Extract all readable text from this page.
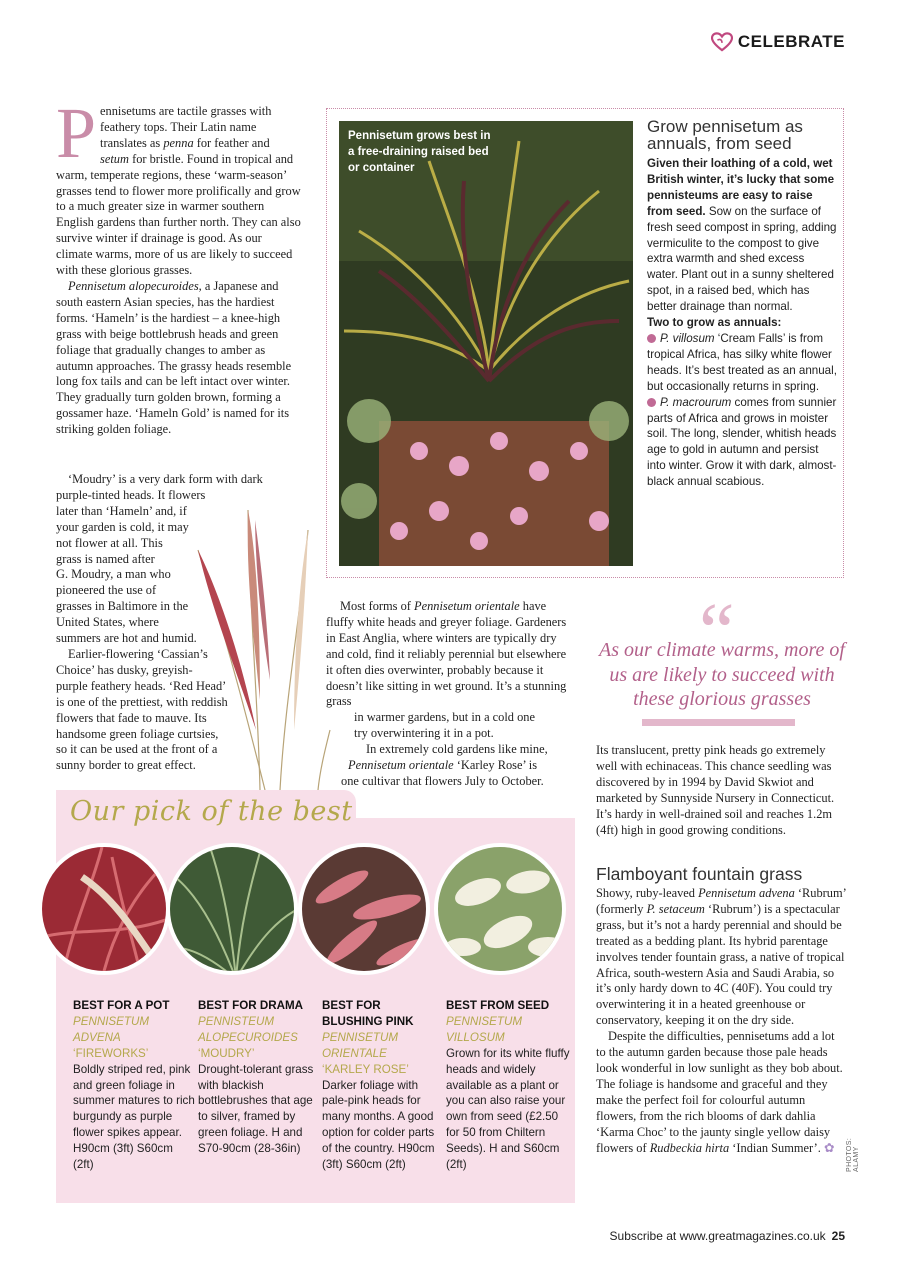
CELEBRATE

Pennisetums are tactile grasses with feathery tops. Their Latin name translates as penna for feather and setum for bristle. Found in tropical and warm, temperate regions, these ‘warm-season’ grasses tend to flower more prolifically and grow to a much greater size in warmer southern English gardens than further north. They can also survive winter if drainage is good. As our climate warms, more of us are likely to succeed with these glorious grasses.

Pennisetum alopecuroides, a Japanese and south eastern Asian species, has the hardiest forms. ‘Hameln’ is the hardiest – a knee-high grass with beige bottlebrush heads and green foliage that gradually changes to amber as autumn approaches. The grassy heads resemble long fox tails and can be left intact over winter. They gradually turn golden brown, forming a gossamer haze. ‘Hameln Gold’ is named for its striking golden foliage.

‘Moudry’ is a very dark form with dark
purple-tinted heads. It flowers
later than ‘Hameln’ and, if
your garden is cold, it may
not flower at all. This
grass is named after
G. Moudry, a man who
pioneered the use of
grasses in Baltimore in the
United States, where
summers are hot and humid.
Earlier-flowering ‘Cassian’s
Choice’ has dusky, greyish-
purple feathery heads. ‘Red Head’
is one of the prettiest, with reddish
flowers that fade to mauve. Its
handsome green foliage curtsies,
so it can be used at the front of a
sunny border to great effect.
Pennisetum grows best in a free-draining raised bed or container
Grow pennisetum as annuals, from seed

Given their loathing of a cold, wet British winter, it’s lucky that some pennisteums are easy to raise from seed. Sow on the surface of fresh seed compost in spring, adding vermiculite to the compost to give extra warmth and shed excess water. Plant out in a sunny sheltered spot, in a raised bed, which has better drainage than normal.

Two to grow as annuals:

P. villosum ‘Cream Falls’ is from tropical Africa, has silky white flower heads. It’s best treated as an annual, but occasionally returns in spring.

P. macrourum comes from sunnier parts of Africa and grows in moister soil. The long, slender, whitish heads age to gold in autumn and persist into winter. Grow it with dark, almost-black annual scabious.

Most forms of Pennisetum orientale have fluffy white heads and greyer foliage. Gardeners in East Anglia, where winters are typically dry and cold, find it reliably perennial but elsewhere it often dies overwinter, probably because it doesn’t like sitting in wet ground. It’s a stunning grass

in warmer gardens, but in a cold one
try overwintering it in a pot.
In extremely cold gardens like mine,
Pennisetum orientale ‘Karley Rose’ is
one cultivar that flowers July to October.
“
As our climate warms, more of us are likely to succeed with these glorious grasses

Its translucent, pretty pink heads go extremely well with echinaceas. This chance seedling was discovered by in 1994 by David Skwiot and marketed by Sunnyside Nursery in Connecticut. It’s hardy in well-drained soil and reaches 1.2m (4ft) high in good growing conditions.

Flamboyant fountain grass

Showy, ruby-leaved Pennisetum advena ‘Rubrum’ (formerly P. setaceum ‘Rubrum’) is a spectacular grass, but it’s not a hardy perennial and should be treated as a bedding plant. Its hybrid parentage involves tender fountain grass, a native of tropical Africa, south-western Asia and Saudi Arabia, so it’s only hardy down to 4C (40F). You could try overwintering it in a heated greenhouse or conservatory, keeping it on the dry side.

Despite the difficulties, pennisetums add a lot to the autumn garden because those pale heads look wonderful in low sunlight as they bob about. The foliage is handsome and graceful and they make the perfect foil for colourful autumn flowers, from the rich blooms of dark dahlia ‘Karma Choc’ to the jaunty single yellow daisy flowers of Rudbeckia hirta ‘Indian Summer’. ✿

Our pick of the best
BEST FOR A POT
PENNISETUM ADVENA
‘FIREWORKS’
Boldly striped red, pink and green foliage in summer matures to rich burgundy as purple flower spikes appear. H90cm (3ft) S60cm (2ft)
BEST FOR DRAMA
PENNISTEUM ALOPECUROIDES
‘MOUDRY’
Drought-tolerant grass with blackish bottlebrushes that age to silver, framed by green foliage. H and S70-90cm (28-36in)
BEST FOR BLUSHING PINK
PENNISETUM ORIENTALE
‘KARLEY ROSE’
Darker foliage with pale-pink heads for many months. A good option for colder parts of the country. H90cm (3ft) S60cm (2ft)
BEST FROM SEED
PENNISETUM VILLOSUM
Grown for its white fluffy heads and widely available as a plant or you can also raise your own from seed (£2.50 for 50 from Chiltern Seeds). H and S60cm (2ft)
Subscribe at www.greatmagazines.co.uk 25
PHOTOS: ALAMY
